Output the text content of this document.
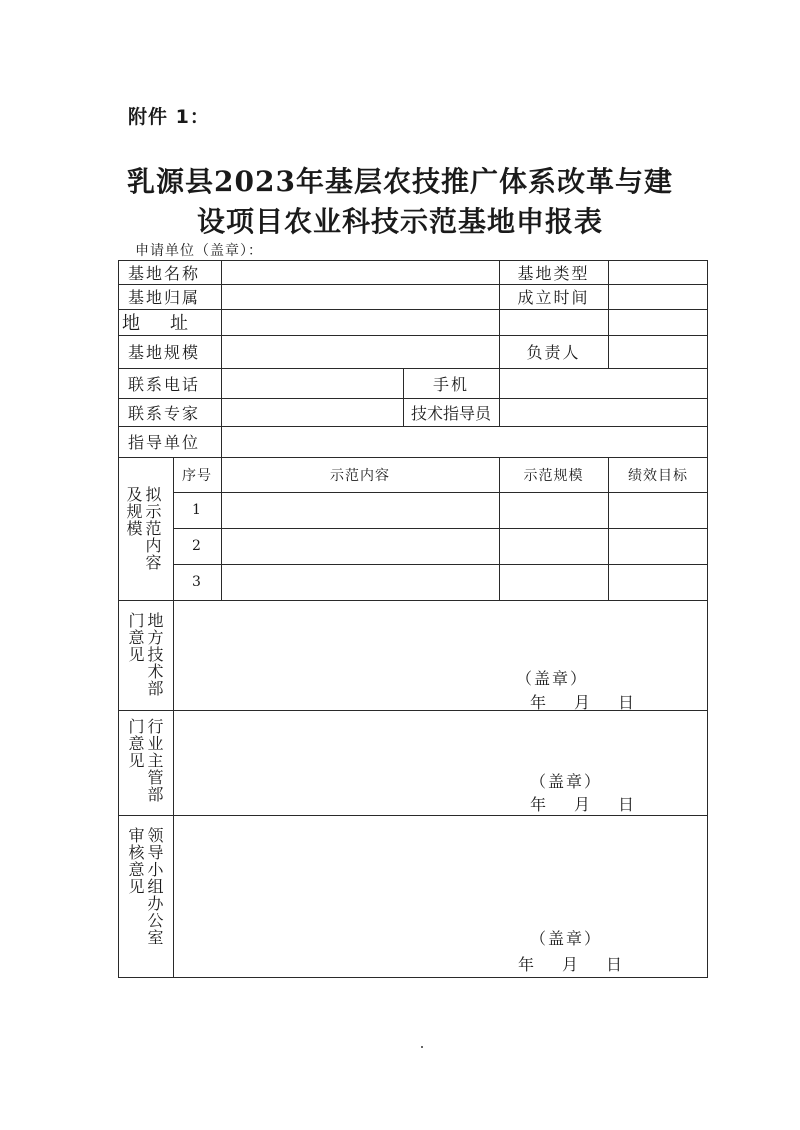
附件 1：
乳源县2023年基层农技推广体系改革与建
设项目农业科技示范基地申报表
申请单位（盖章）：
基地名称	基地类型
基地归属	成立时间
地　址
基地规模	负责人
联系电话	手机
联系专家	技术指导员
指导单位
拟示范内容及规模
序号	示范内容	示范规模	绩效目标
1
2
3
地方技术部门意见
（盖章）
年　月　日
行业主管部门意见
（盖章）
年　月　日
领导小组办公室审核意见
（盖章）
年　月　日
